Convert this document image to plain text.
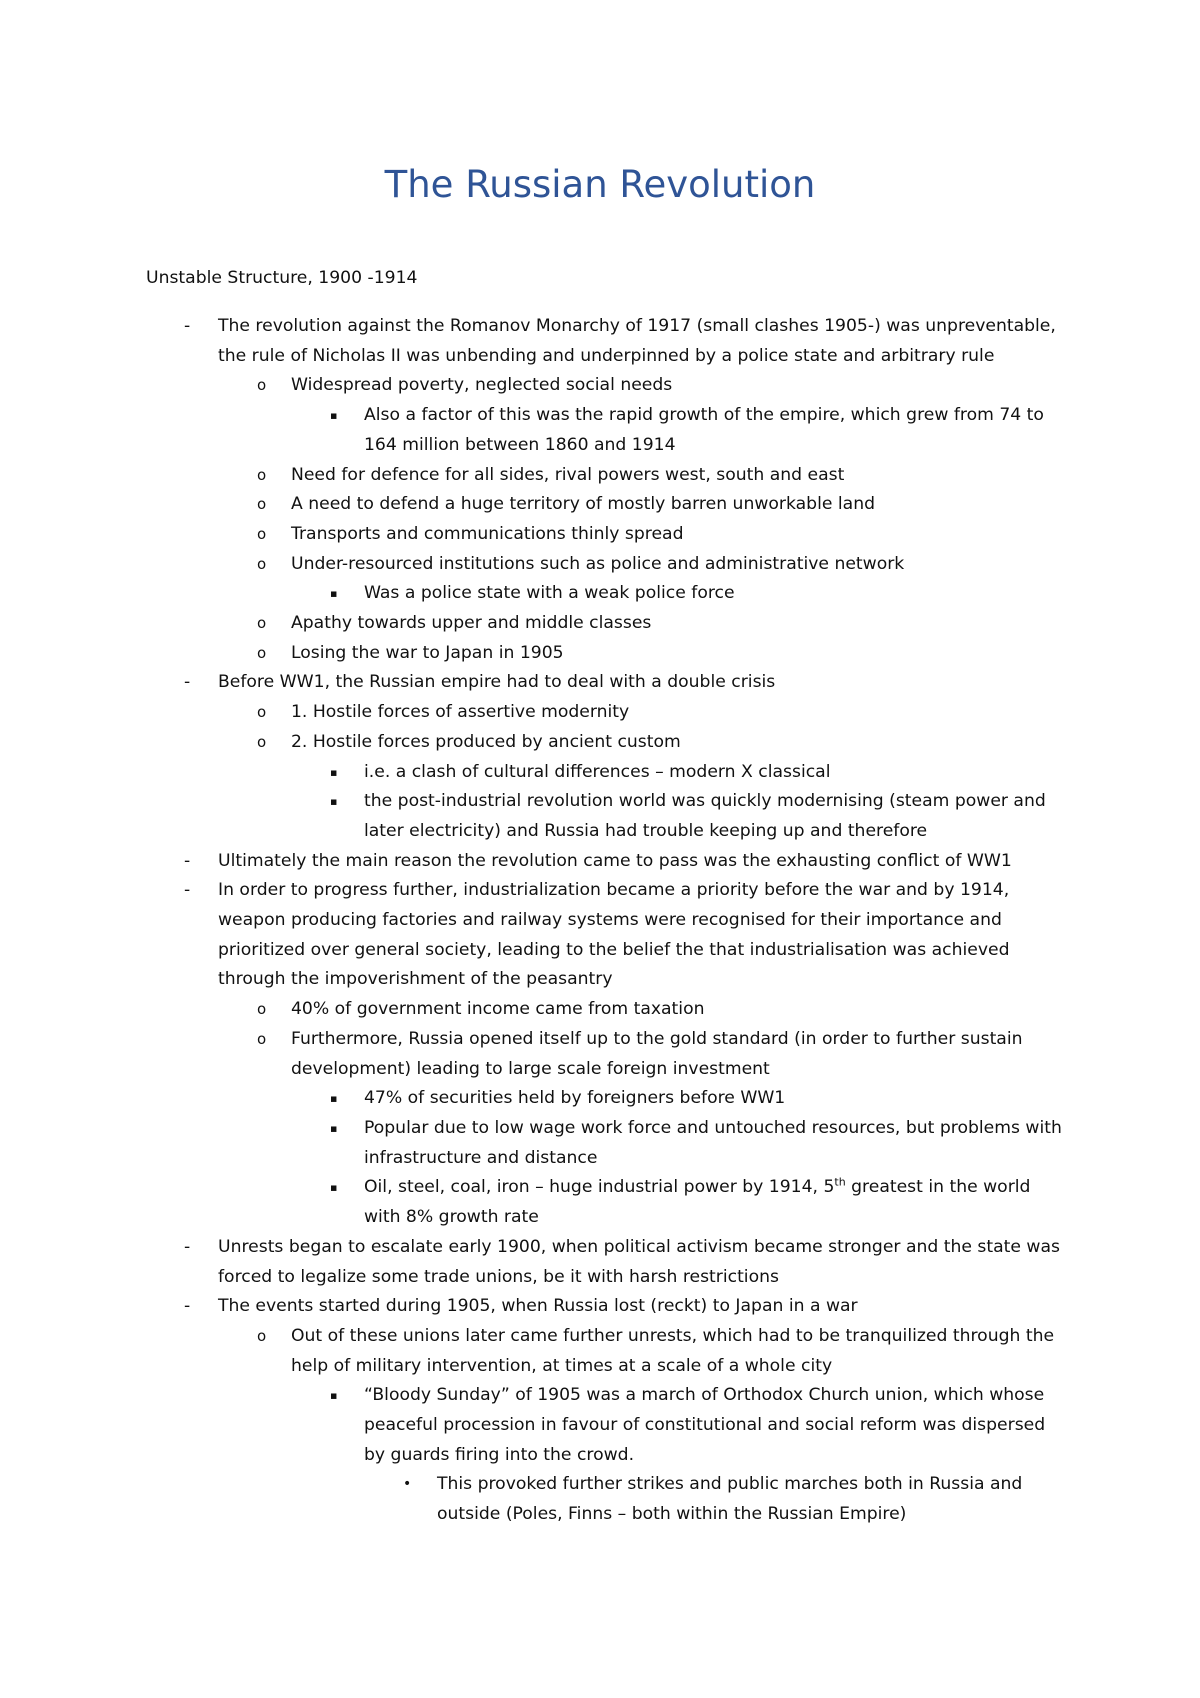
The Russian Revolution
Unstable Structure, 1900 -1914
- The revolution against the Romanov Monarchy of 1917 (small clashes 1905-) was unpreventable, the rule of Nicholas II was unbending and underpinned by a police state and arbitrary rule
o Widespread poverty, neglected social needs
▪ Also a factor of this was the rapid growth of the empire, which grew from 74 to 164 million between 1860 and 1914
o Need for defence for all sides, rival powers west, south and east
o A need to defend a huge territory of mostly barren unworkable land
o Transports and communications thinly spread
o Under-resourced institutions such as police and administrative network
▪ Was a police state with a weak police force
o Apathy towards upper and middle classes
o Losing the war to Japan in 1905
- Before WW1, the Russian empire had to deal with a double crisis
o 1. Hostile forces of assertive modernity
o 2. Hostile forces produced by ancient custom
▪ i.e. a clash of cultural differences – modern X classical
▪ the post-industrial revolution world was quickly modernising (steam power and later electricity) and Russia had trouble keeping up and therefore
- Ultimately the main reason the revolution came to pass was the exhausting conflict of WW1
- In order to progress further, industrialization became a priority before the war and by 1914, weapon producing factories and railway systems were recognised for their importance and prioritized over general society, leading to the belief the that industrialisation was achieved through the impoverishment of the peasantry
o 40% of government income came from taxation
o Furthermore, Russia opened itself up to the gold standard (in order to further sustain development) leading to large scale foreign investment
▪ 47% of securities held by foreigners before WW1
▪ Popular due to low wage work force and untouched resources, but problems with infrastructure and distance
▪ Oil, steel, coal, iron – huge industrial power by 1914, 5th greatest in the world with 8% growth rate
- Unrests began to escalate early 1900, when political activism became stronger and the state was forced to legalize some trade unions, be it with harsh restrictions
- The events started during 1905, when Russia lost (reckt) to Japan in a war
o Out of these unions later came further unrests, which had to be tranquilized through the help of military intervention, at times at a scale of a whole city
▪ “Bloody Sunday” of 1905 was a march of Orthodox Church union, which whose peaceful procession in favour of constitutional and social reform was dispersed by guards firing into the crowd.
• This provoked further strikes and public marches both in Russia and outside (Poles, Finns – both within the Russian Empire)
